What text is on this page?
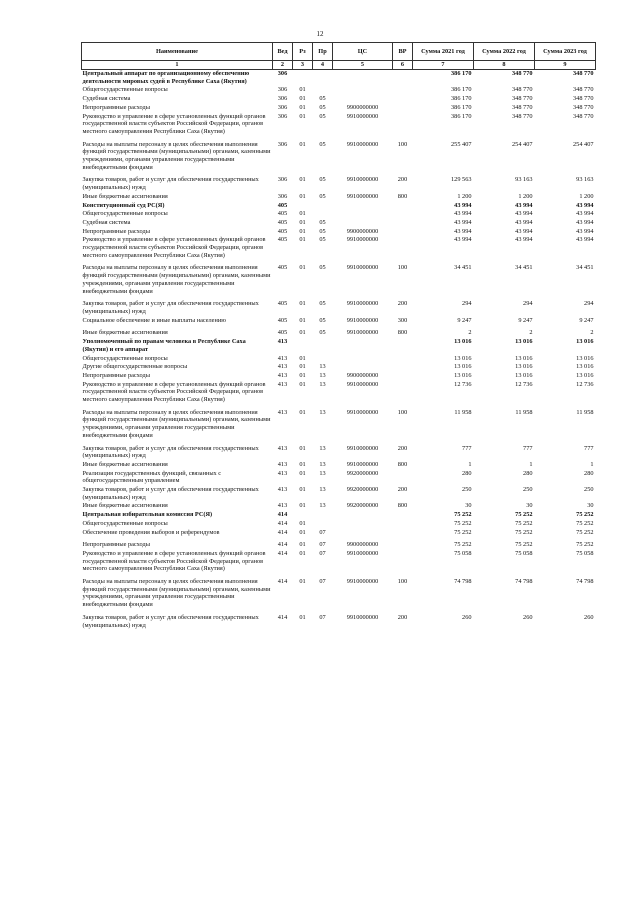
12
Наименование	Вед	Рз	Пр	ЦС	ВР	Сумма 2021 год	Сумма 2022 год	Сумма 2023 год
1	2	3	4	5	6	7	8	9
Центральный аппарат по организационному обеспечению деятельности мировых судей в Республике Саха (Якутия)	306					386 170	348 770	348 770
Общегосударственные вопросы	306	01				386 170	348 770	348 770
Судебная система	306	01	05			386 170	348 770	348 770
Непрограммные расходы	306	01	05	9900000000		386 170	348 770	348 770
Руководство и управление в сфере установленных функций органов государственной власти субъектов Российской Федерации, органов местного самоуправления Республики Саха (Якутия)	306	01	05	9910000000		386 170	348 770	348 770
Расходы на выплаты персоналу в целях обеспечения выполнения функций государственными (муниципальными) органами, казенными учреждениями, органами управления государственными внебюджетными фондами	306	01	05	9910000000	100	255 407	254 407	254 407
Закупка товаров, работ и услуг для обеспечения государственных (муниципальных) нужд	306	01	05	9910000000	200	129 563	93 163	93 163
Иные бюджетные ассигнования	306	01	05	9910000000	800	1 200	1 200	1 200
Конституционный суд РС(Я)	405					43 994	43 994	43 994
Общегосударственные вопросы	405	01				43 994	43 994	43 994
Судебная система	405	01	05			43 994	43 994	43 994
Непрограммные расходы	405	01	05	9900000000		43 994	43 994	43 994
Руководство и управление в сфере установленных функций органов государственной власти субъектов Российской Федерации, органов местного самоуправления Республики Саха (Якутия)	405	01	05	9910000000		43 994	43 994	43 994
Расходы на выплаты персоналу в целях обеспечения выполнения функций государственными (муниципальными) органами, казенными учреждениями, органами управления государственными внебюджетными фондами	405	01	05	9910000000	100	34 451	34 451	34 451
Закупка товаров, работ и услуг для обеспечения государственных (муниципальных) нужд	405	01	05	9910000000	200	294	294	294
Социальное обеспечение и иные выплаты населению	405	01	05	9910000000	300	9 247	9 247	9 247
Иные бюджетные ассигнования	405	01	05	9910000000	800	2	2	2
Уполномоченный по правам человека в Республике Саха (Якутия) и его аппарат	413					13 016	13 016	13 016
Общегосударственные вопросы	413	01				13 016	13 016	13 016
Другие общегосударственные вопросы	413	01	13			13 016	13 016	13 016
Непрограммные расходы	413	01	13	9900000000		13 016	13 016	13 016
Руководство и управление в сфере установленных функций органов государственной власти субъектов Российской Федерации, органов местного самоуправления Республики Саха (Якутия)	413	01	13	9910000000		12 736	12 736	12 736
Расходы на выплаты персоналу в целях обеспечения выполнения функций государственными (муниципальными) органами, казенными учреждениями, органами управления государственными внебюджетными фондами	413	01	13	9910000000	100	11 958	11 958	11 958
Закупка товаров, работ и услуг для обеспечения государственных (муниципальных) нужд	413	01	13	9910000000	200	777	777	777
Иные бюджетные ассигнования	413	01	13	9910000000	800	1	1	1
Реализация государственных функций, связанных с общегосударственным управлением	413	01	13	9920000000		280	280	280
Закупка товаров, работ и услуг для обеспечения государственных (муниципальных) нужд	413	01	13	9920000000	200	250	250	250
Иные бюджетные ассигнования	413	01	13	9920000000	800	30	30	30
Центральная избирательная комиссия РС(Я)	414					75 252	75 252	75 252
Общегосударственные вопросы	414	01				75 252	75 252	75 252
Обеспечение проведения выборов и референдумов	414	01	07			75 252	75 252	75 252
Непрограммные расходы	414	01	07	9900000000		75 252	75 252	75 252
Руководство и управление в сфере установленных функций органов государственной власти субъектов Российской Федерации, органов местного самоуправления Республики Саха (Якутия)	414	01	07	9910000000		75 058	75 058	75 058
Расходы на выплаты персоналу в целях обеспечения выполнения функций государственными (муниципальными) органами, казенными учреждениями, органами управления государственными внебюджетными фондами	414	01	07	9910000000	100	74 798	74 798	74 798
Закупка товаров, работ и услуг для обеспечения государственных (муниципальных) нужд	414	01	07	9910000000	200	260	260	260
